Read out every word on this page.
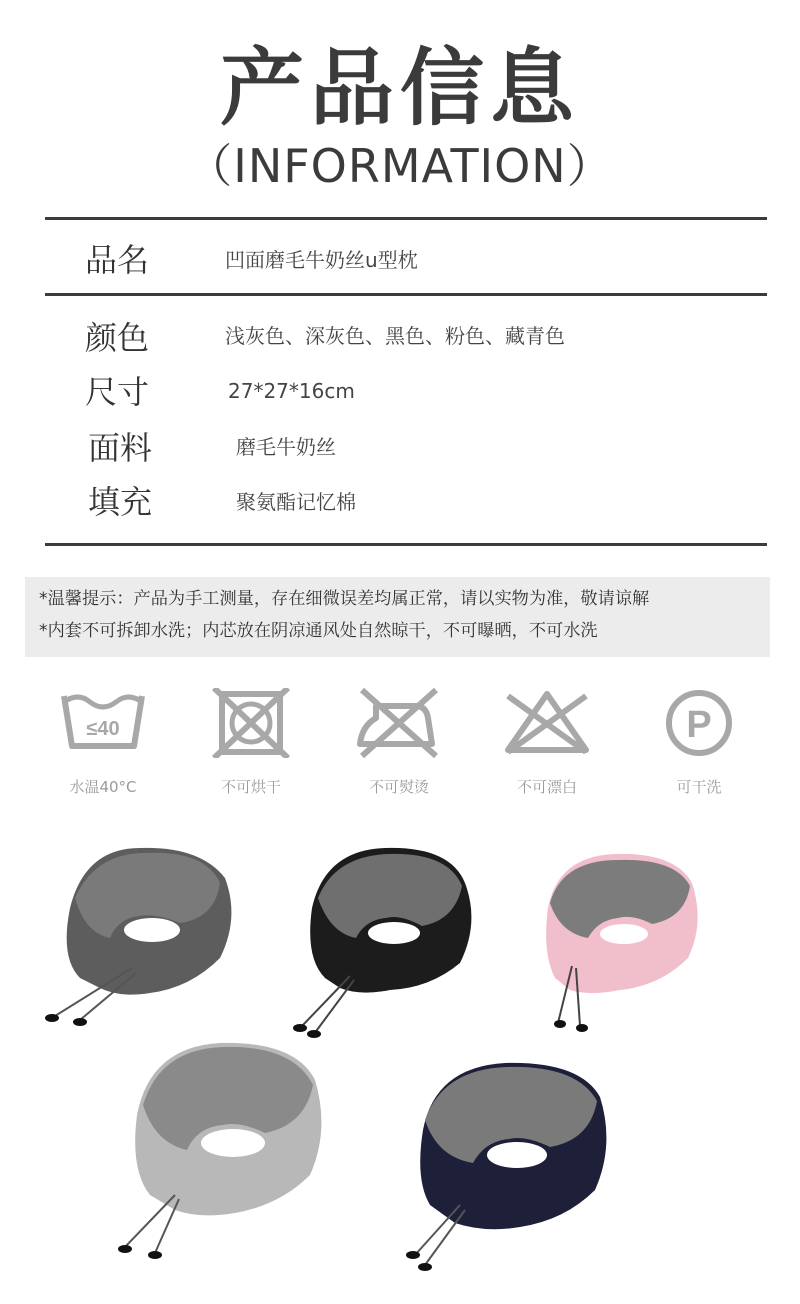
产品信息
（INFORMATION）
品名	凹面磨毛牛奶丝u型枕
颜色	浅灰色、深灰色、黑色、粉色、藏青色
尺寸	27*27*16cm
面料	磨毛牛奶丝
填充	聚氨酯记忆棉
*温馨提示：产品为手工测量，存在细微误差均属正常，请以实物为准，敬请谅解
*内套不可拆卸水洗；内芯放在阴凉通风处自然晾干，不可曝晒，不可水洗
≤40
水温40°C	不可烘干	不可熨烫	不可漂白
P
可干洗
